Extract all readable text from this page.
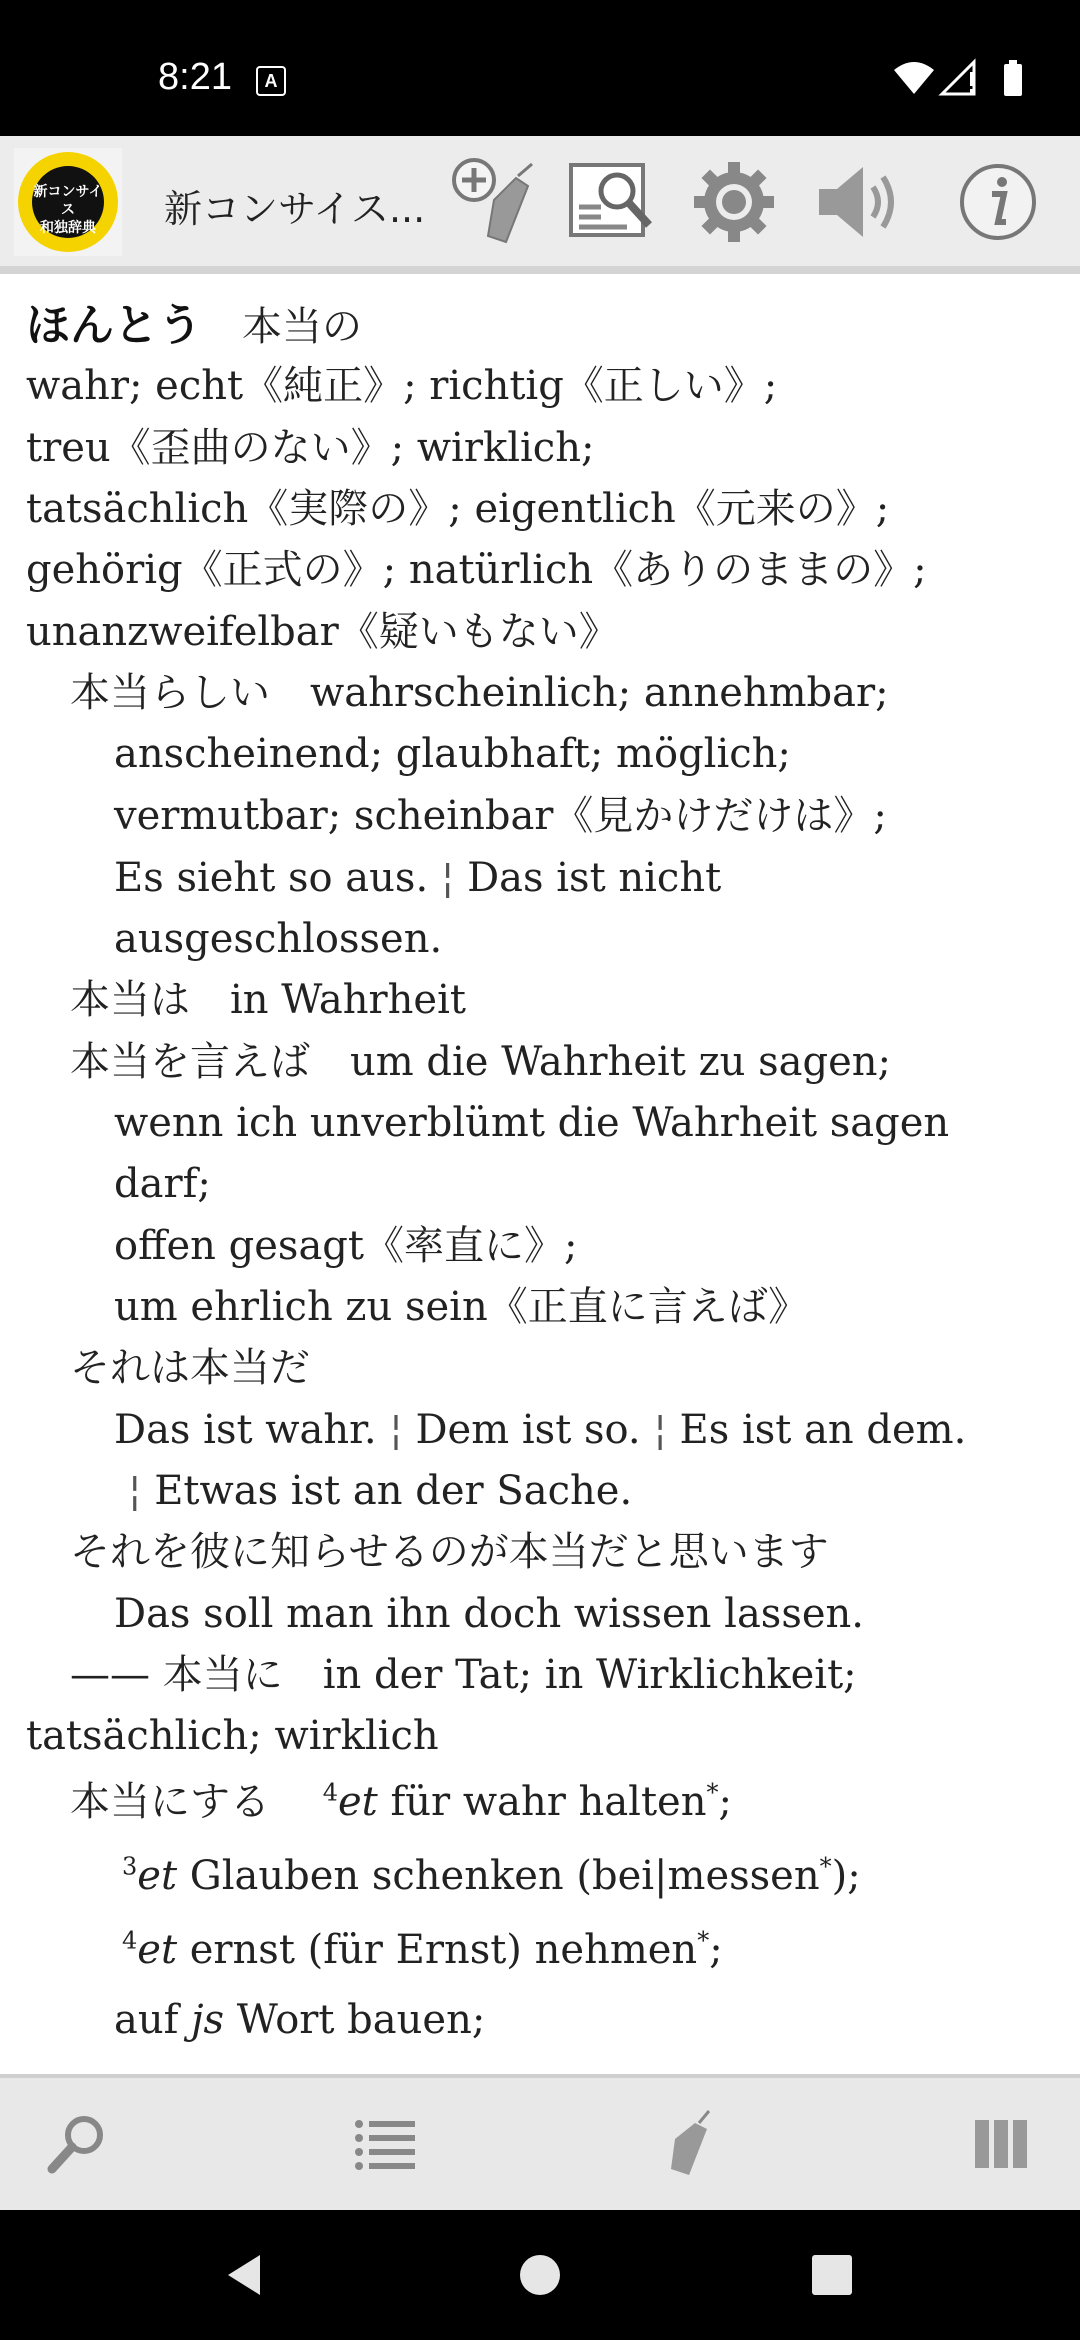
8:21	A
新コンサイス
和独辞典 新コンサイス...
ほんとう　 本当の
wahr; echt《純正》; richtig《正しい》;
treu《歪曲のない》; wirklich;
tatsächlich《実際の》; eigentlich《元来の》;
gehörig《正式の》; natürlich《ありのままの》;
unanzweifelbar《疑いもない》
本当らしい　wahrscheinlich; annehmbar;
anscheinend; glaubhaft; möglich;
vermutbar; scheinbar《見かけだけは》;
Es sieht so aus. ¦ Das ist nicht
ausgeschlossen.
本当は　in Wahrheit
本当を言えば　um die Wahrheit zu sagen;
wenn ich unverblümt die Wahrheit sagen
darf;
offen gesagt《率直に》;
um ehrlich zu sein《正直に言えば》
それは本当だ
Das ist wahr. ¦ Dem ist so. ¦ Es ist an dem.
¦ Etwas ist an der Sache.
それを彼に知らせるのが本当だと思います
Das soll man ihn doch wissen lassen.
—— 本当に　in der Tat; in Wirklichkeit;
tatsächlich; wirklich
本当にする　 $^4$et für wahr halten*;
$^3$et Glauben schenken (bei|messen*);
$^4$et ernst (für Ernst) nehmen*;
auf js Wort bauen;
